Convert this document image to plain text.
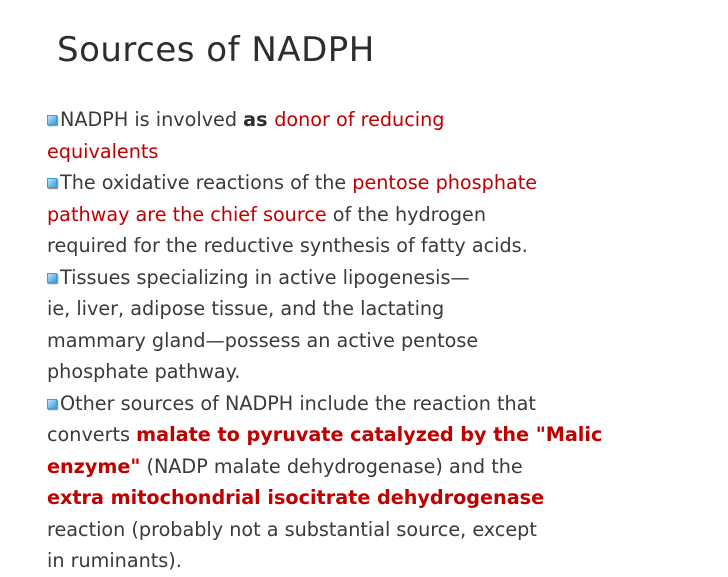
Sources of NADPH

NADPH is involved as donor of reducing
equivalents

The oxidative reactions of the pentose phosphate
pathway are the chief source of the hydrogen
required for the reductive synthesis of fatty acids.

Tissues specializing in active lipogenesis—
ie, liver, adipose tissue, and the lactating
mammary gland—possess an active pentose
phosphate pathway.

Other sources of NADPH include the reaction that
converts malate to pyruvate catalyzed by the "Malic
enzyme" (NADP malate dehydrogenase) and the
extra mitochondrial isocitrate dehydrogenase
reaction (probably not a substantial source, except
in ruminants).
